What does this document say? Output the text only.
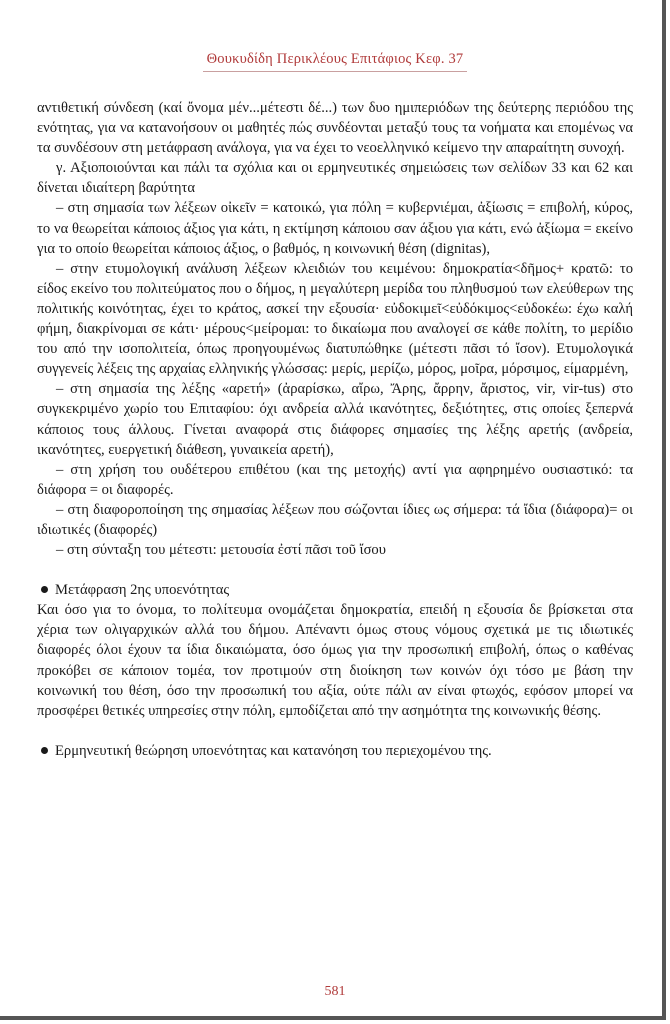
Θουκυδίδη Περικλέους Επιτάφιος Κεφ. 37

αντιθετική σύνδεση (καί ὄνομα μέν...μέτεστι δέ...) των δυο ημιπεριόδων της δεύτερης περιόδου της ενότητας, για να κατανοήσουν οι μαθητές πώς συνδέονται μεταξύ τους τα νοήματα και επομένως να τα συνδέσουν στη μετάφραση ανάλογα, για να έχει το νεοελληνικό κείμενο την απαραίτητη συνοχή.

γ. Αξιοποιούνται και πάλι τα σχόλια και οι ερμηνευτικές σημειώσεις των σελίδων 33 και 62 και δίνεται ιδιαίτερη βαρύτητα

– στη σημασία των λέξεων οἰκεῖν = κατοικώ, για πόλη = κυβερνιέμαι, ἀξίωσις = επιβολή, κύρος, το να θεωρείται κάποιος άξιος για κάτι, η εκτίμηση κάποιου σαν άξιου για κάτι, ενώ ἀξίωμα = εκείνο για το οποίο θεωρείται κάποιος άξιος, ο βαθμός, η κοινωνική θέση (dignitas),

– στην ετυμολογική ανάλυση λέξεων κλειδιών του κειμένου: δημοκρατία<δῆμος+ κρατῶ: το είδος εκείνο του πολιτεύματος που ο δήμος, η μεγαλύτερη μερίδα του πληθυσμού των ελεύθερων της πολιτικής κοινότητας, έχει το κράτος, ασκεί την εξουσία· εὐδοκιμεῖ<εὐδόκιμος<εὐδοκέω: έχω καλή φήμη, διακρίνομαι σε κάτι· μέρους<μείρομαι: το δικαίωμα που αναλογεί σε κάθε πολίτη, το μερίδιο του από την ισοπολιτεία, όπως προηγουμένως διατυπώθηκε (μέτεστι πᾶσι τό ἴσον). Ετυμολογικά συγγενείς λέξεις της αρχαίας ελληνικής γλώσσας: μερίς, μερίζω, μόρος, μοῖρα, μόρσιμος, είμαρμένη,

– στη σημασία της λέξης «αρετή» (ἀραρίσκω, αἴρω, Ἄρης, ἄρρην, ἄριστος, vir, vir-tus) στο συγκεκριμένο χωρίο του Επιταφίου: όχι ανδρεία αλλά ικανότητες, δεξιότητες, στις οποίες ξεπερνά κάποιος τους άλλους. Γίνεται αναφορά στις διάφορες σημασίες της λέξης αρετής (ανδρεία, ικανότητες, ευεργετική διάθεση, γυναικεία αρετή),

– στη χρήση του ουδέτερου επιθέτου (και της μετοχής) αντί για αφηρημένο ουσιαστικό: τα διάφορα = οι διαφορές.

– στη διαφοροποίηση της σημασίας λέξεων που σώζονται ίδιες ως σήμερα: τά ἴδια (διάφορα)= οι ιδιωτικές (διαφορές)

– στη σύνταξη του μέτεστι: μετουσία ἐστί πᾶσι τοῦ ἴσου

Μετάφραση 2ης υποενότητας

Και όσο για το όνομα, το πολίτευμα ονομάζεται δημοκρατία, επειδή η εξουσία δε βρίσκεται στα χέρια των ολιγαρχικών αλλά του δήμου. Απέναντι όμως στους νόμους σχετικά με τις ιδιωτικές διαφορές όλοι έχουν τα ίδια δικαιώματα, όσο όμως για την προσωπική επιβολή, όπως ο καθένας προκόβει σε κάποιον τομέα, τον προτιμούν στη διοίκηση των κοινών όχι τόσο με βάση την κοινωνική του θέση, όσο την προσωπική του αξία, ούτε πάλι αν είναι φτωχός, εφόσον μπορεί να προσφέρει θετικές υπηρεσίες στην πόλη, εμποδίζεται από την ασημότητα της κοινωνικής θέσης.

Ερμηνευτική θεώρηση υποενότητας και κατανόηση του περιεχομένου της.

581
